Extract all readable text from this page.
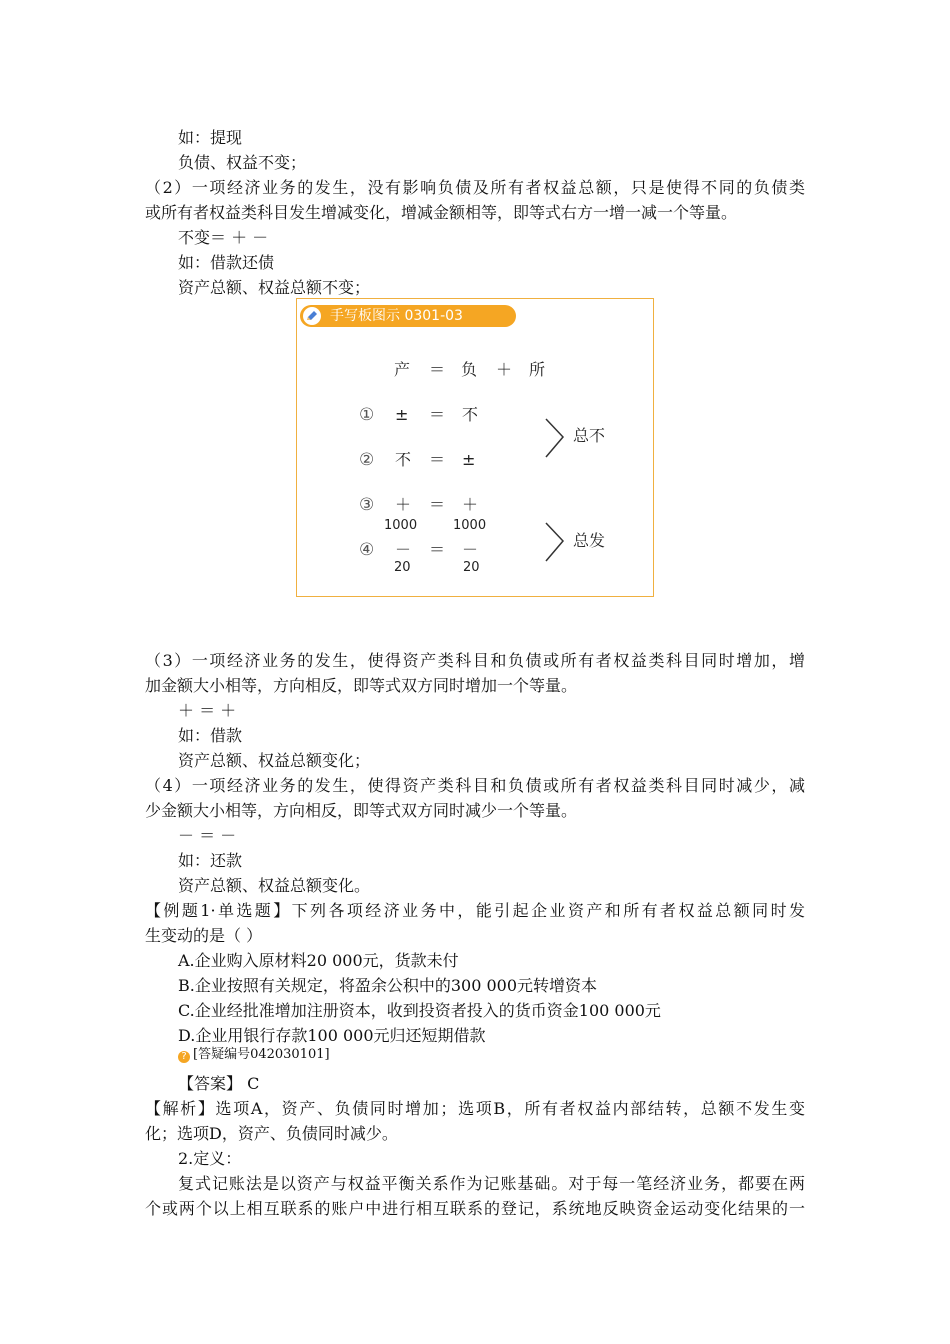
如：提现
负债、权益不变；
（2）一项经济业务的发生，没有影响负债及所有者权益总额，只是使得不同的负债类
或所有者权益类科目发生增减变化，增减金额相等，即等式右方一增一减一个等量。
不变＝ ＋ －
如：借款还债
资产总额、权益总额不变；
手写板图示 0301-03
产 ＝ 负 ＋ 所
① ± ＝ 不
② 不 ＝ ±
③ ＋ ＝ ＋
1000	1000
④ － ＝ －
20	20
总不
总发
（3）一项经济业务的发生，使得资产类科目和负债或所有者权益类科目同时增加，增
加金额大小相等，方向相反，即等式双方同时增加一个等量。
＋ ＝ ＋
如：借款
资产总额、权益总额变化；
（4）一项经济业务的发生，使得资产类科目和负债或所有者权益类科目同时减少，减
少金额大小相等，方向相反，即等式双方同时减少一个等量。
－ ＝ －
如：还款
资产总额、权益总额变化。
【例题1·单选题】下列各项经济业务中，能引起企业资产和所有者权益总额同时发
生变动的是（ ）
A.企业购入原材料20 000元，货款未付
B.企业按照有关规定，将盈余公积中的300 000元转增资本
C.企业经批准增加注册资本，收到投资者投入的货币资金100 000元
D.企业用银行存款100 000元归还短期借款
? [答疑编号042030101]
【答案】 C
【解析】选项A，资产、负债同时增加；选项B，所有者权益内部结转，总额不发生变
化；选项D，资产、负债同时减少。
2.定义：
复式记账法是以资产与权益平衡关系作为记账基础。对于每一笔经济业务，都要在两
个或两个以上相互联系的账户中进行相互联系的登记，系统地反映资金运动变化结果的一
